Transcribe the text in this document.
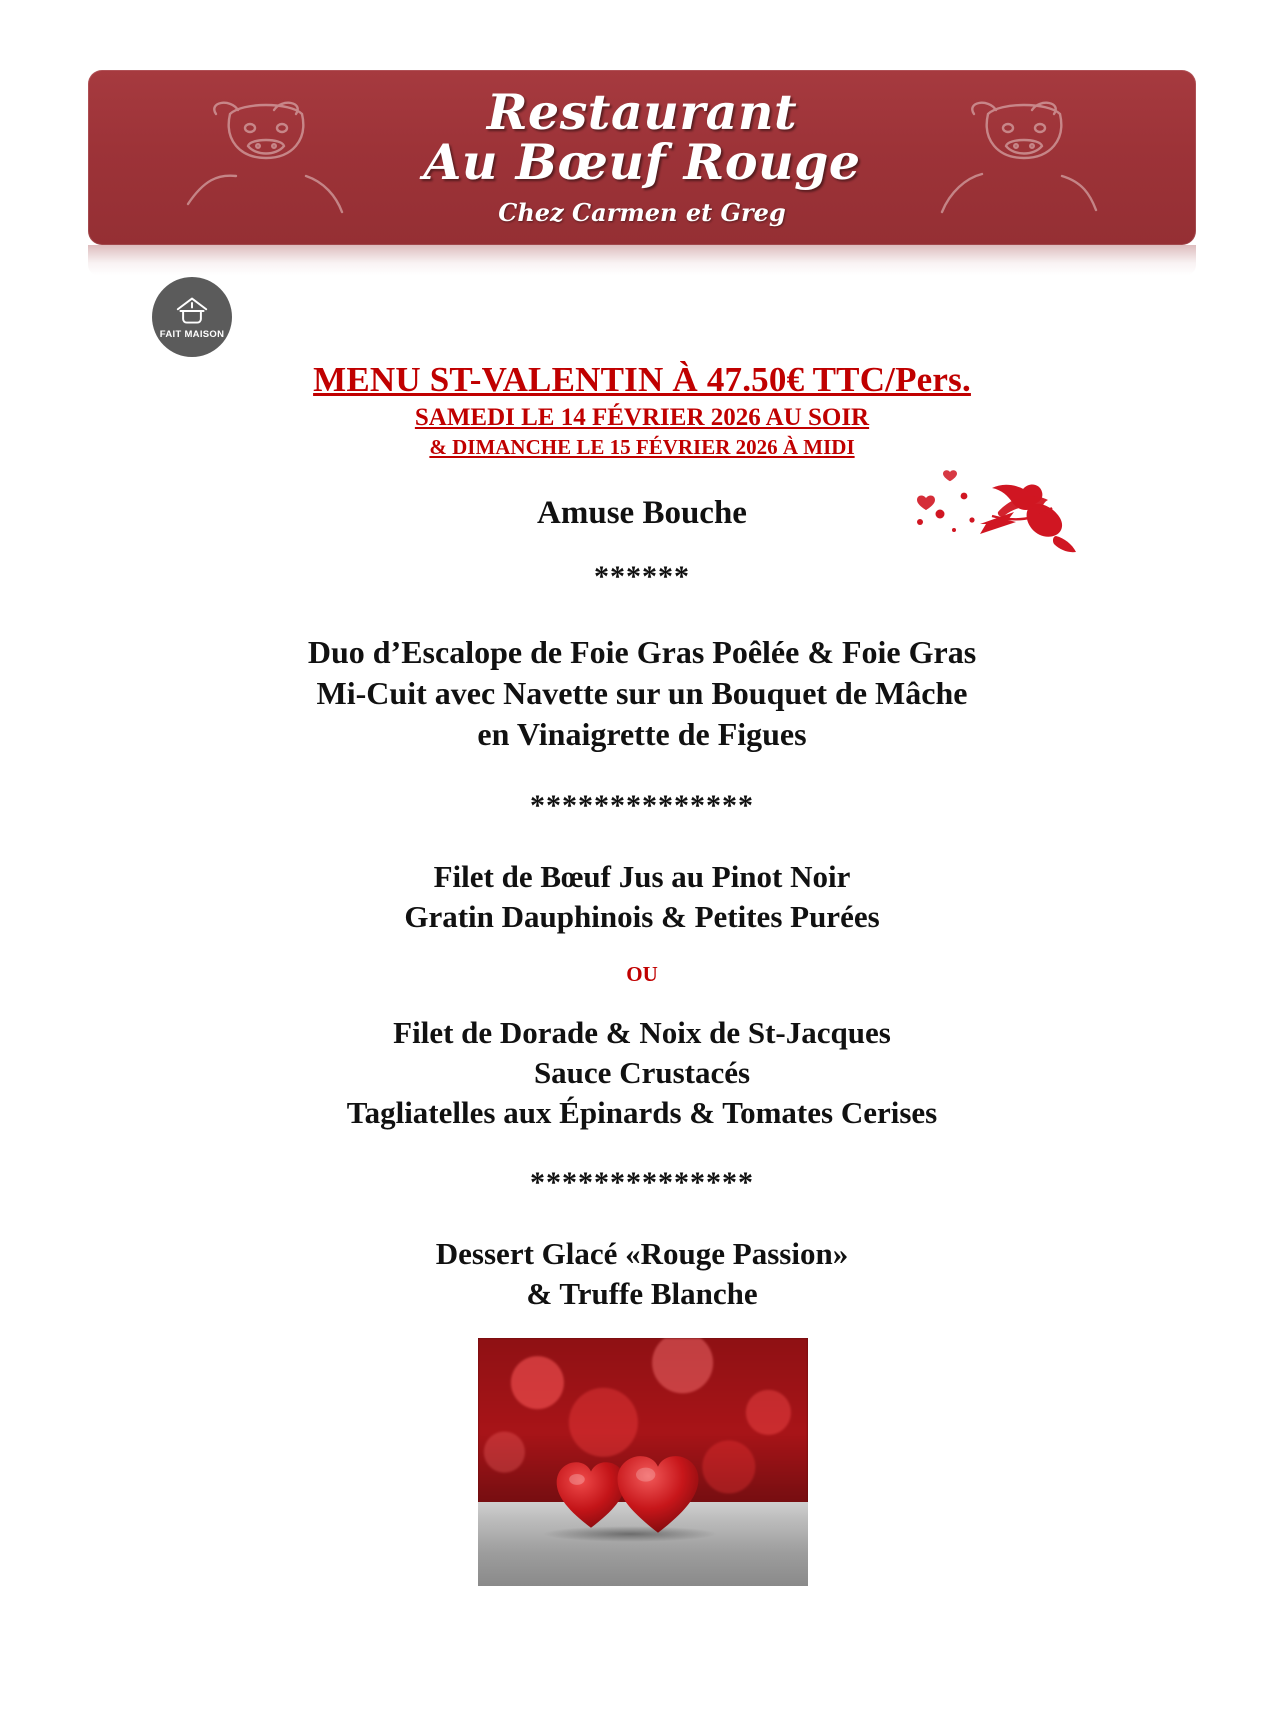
Restaurant
Au Bœuf Rouge
Chez Carmen et Greg
FAIT MAISON
MENU ST-VALENTIN À 47.50€ TTC/Pers.
SAMEDI LE 14 FÉVRIER 2026 AU SOIR
& DIMANCHE LE 15 FÉVRIER 2026 À MIDI
Amuse Bouche
******
Duo d’Escalope de Foie Gras Poêlée & Foie Gras
Mi-Cuit avec Navette sur un Bouquet de Mâche
en Vinaigrette de Figues
**************
Filet de Bœuf Jus au Pinot Noir
Gratin Dauphinois & Petites Purées
OU
Filet de Dorade & Noix de St-Jacques
Sauce Crustacés
Tagliatelles aux Épinards & Tomates Cerises
**************
Dessert Glacé «Rouge Passion»
& Truffe Blanche
